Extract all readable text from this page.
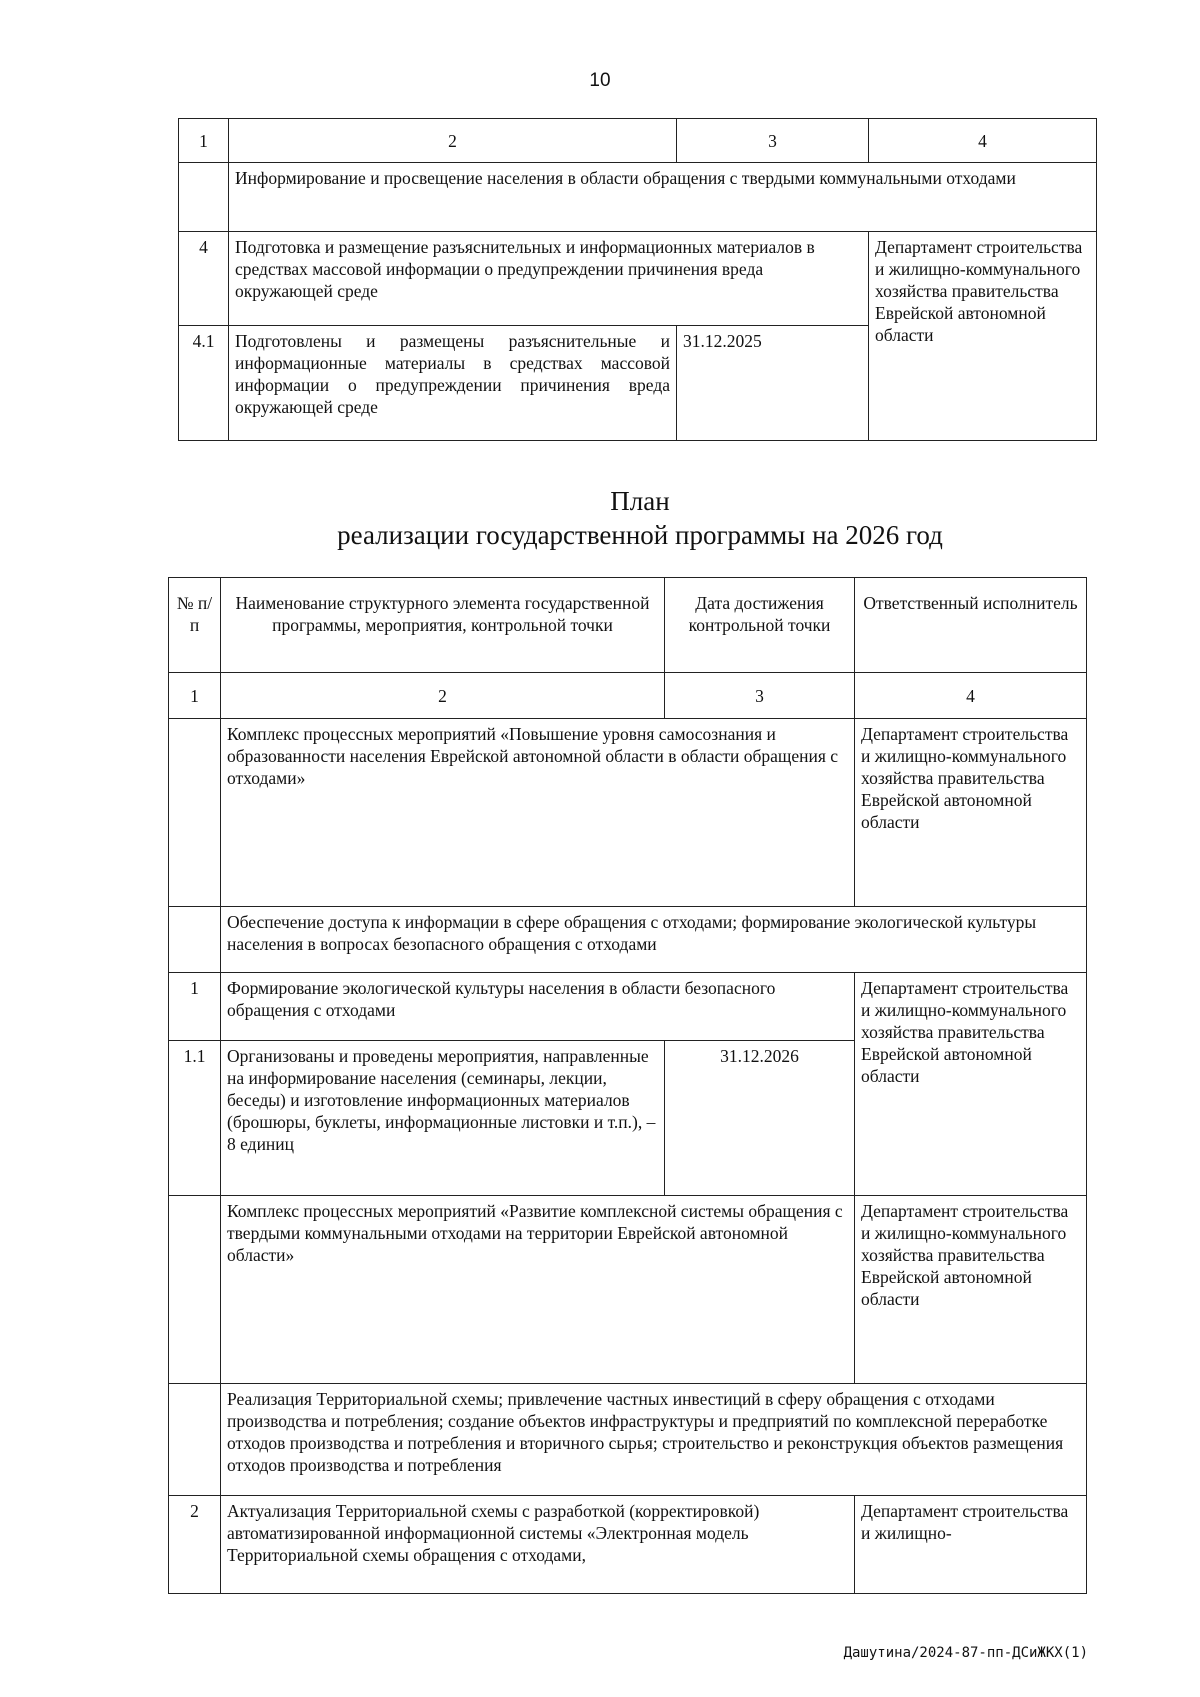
10
1	2	3	4
	Информирование и просвещение населения в области обращения с твердыми коммунальными отходами		
4	Подготовка и размещение разъяснительных и информационных материалов в средствах массовой информации о предупреждении причинения вреда окружающей среде		Департамент строительства и жилищно-коммунального хозяйства правительства Еврейской автономной области
4.1	Подготовлены и размещены разъяснительные и информационные материалы в средствах массовой информации о предупреждении причинения вреда окружающей среде	31.12.2025	
План
реализации государственной программы на 2026 год
№ п/п	Наименование структурного элемента государственной программы, мероприятия, контрольной точки	Дата достижения контрольной точки	Ответственный исполнитель
1	2	3	4
	Комплекс процессных мероприятий «Повышение уровня самосознания и образованности населения Еврейской автономной области в области обращения с отходами»		Департамент строительства и жилищно-коммунального хозяйства правительства Еврейской автономной области
	Обеспечение доступа к информации в сфере обращения с отходами; формирование экологической культуры населения в вопросах безопасного обращения с отходами		
1	Формирование экологической культуры населения в области безопасного обращения с отходами		Департамент строительства и жилищно-коммунального хозяйства правительства Еврейской автономной области
1.1	Организованы и проведены мероприятия, направленные на информирование населения (семинары, лекции, беседы) и изготовление информационных материалов (брошюры, буклеты, информационные листовки и т.п.), – 8 единиц	31.12.2026	
	Комплекс процессных мероприятий «Развитие комплексной системы обращения с твердыми коммунальными отходами на территории Еврейской автономной области»		Департамент строительства и жилищно-коммунального хозяйства правительства Еврейской автономной области
	Реализация Территориальной схемы; привлечение частных инвестиций в сферу обращения с отходами производства и потребления; создание объектов инфраструктуры и предприятий по комплексной переработке отходов производства и потребления и вторичного сырья; строительство и реконструкция объектов размещения отходов производства и потребления		
2	Актуализация Территориальной схемы с разработкой (корректировкой) автоматизированной информационной системы «Электронная модель Территориальной схемы обращения с отходами,		Департамент строительства и жилищно-
Дашутина/2024-87-пп-ДСиЖКХ(1)
